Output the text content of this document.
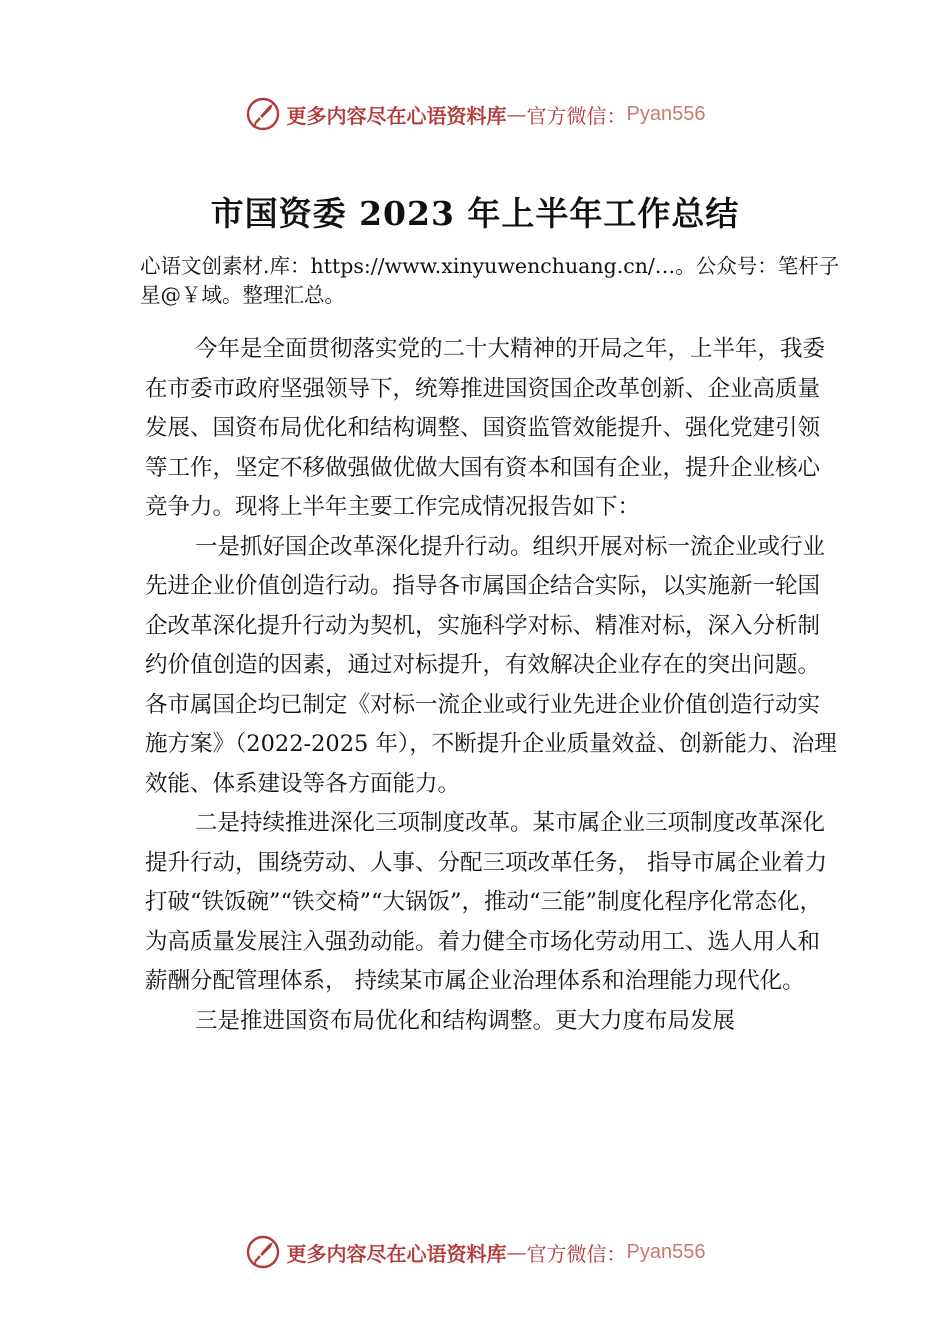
更多内容尽在心语资料库 — 官方微信： Pyan556
市国资委 2023 年上半年工作总结
心语文创素材.库：https://www.xinyuwenchuang.cn/…。公众号：笔杆子星@￥域。整理汇总。

今年是全面贯彻落实党的二十大精神的开局之年，上半年，我委在市委市政府坚强领导下，统筹推进国资国企改革创新、企业高质量发展、国资布局优化和结构调整、国资监管效能提升、强化党建引领等工作，坚定不移做强做优做大国有资本和国有企业，提升企业核心竞争力。现将上半年主要工作完成情况报告如下：

一是抓好国企改革深化提升行动。组织开展对标一流企业或行业先进企业价值创造行动。指导各市属国企结合实际，以实施新一轮国企改革深化提升行动为契机，实施科学对标、精准对标，深入分析制约价值创造的因素，通过对标提升，有效解决企业存在的突出问题。各市属国企均已制定《对标一流企业或行业先进企业价值创造行动实施方案》（2022-2025 年），不断提升企业质量效益、创新能力、治理效能、体系建设等各方面能力。

二是持续推进深化三项制度改革。某市属企业三项制度改革深化提升行动，围绕劳动、人事、分配三项改革任务， 指导市属企业着力打破“铁饭碗”“铁交椅”“大锅饭”，推动“三能”制度化程序化常态化，为高质量发展注入强劲动能。着力健全市场化劳动用工、选人用人和薪酬分配管理体系， 持续某市属企业治理体系和治理能力现代化。

三是推进国资布局优化和结构调整。更大力度布局发展

更多内容尽在心语资料库 — 官方微信： Pyan556
